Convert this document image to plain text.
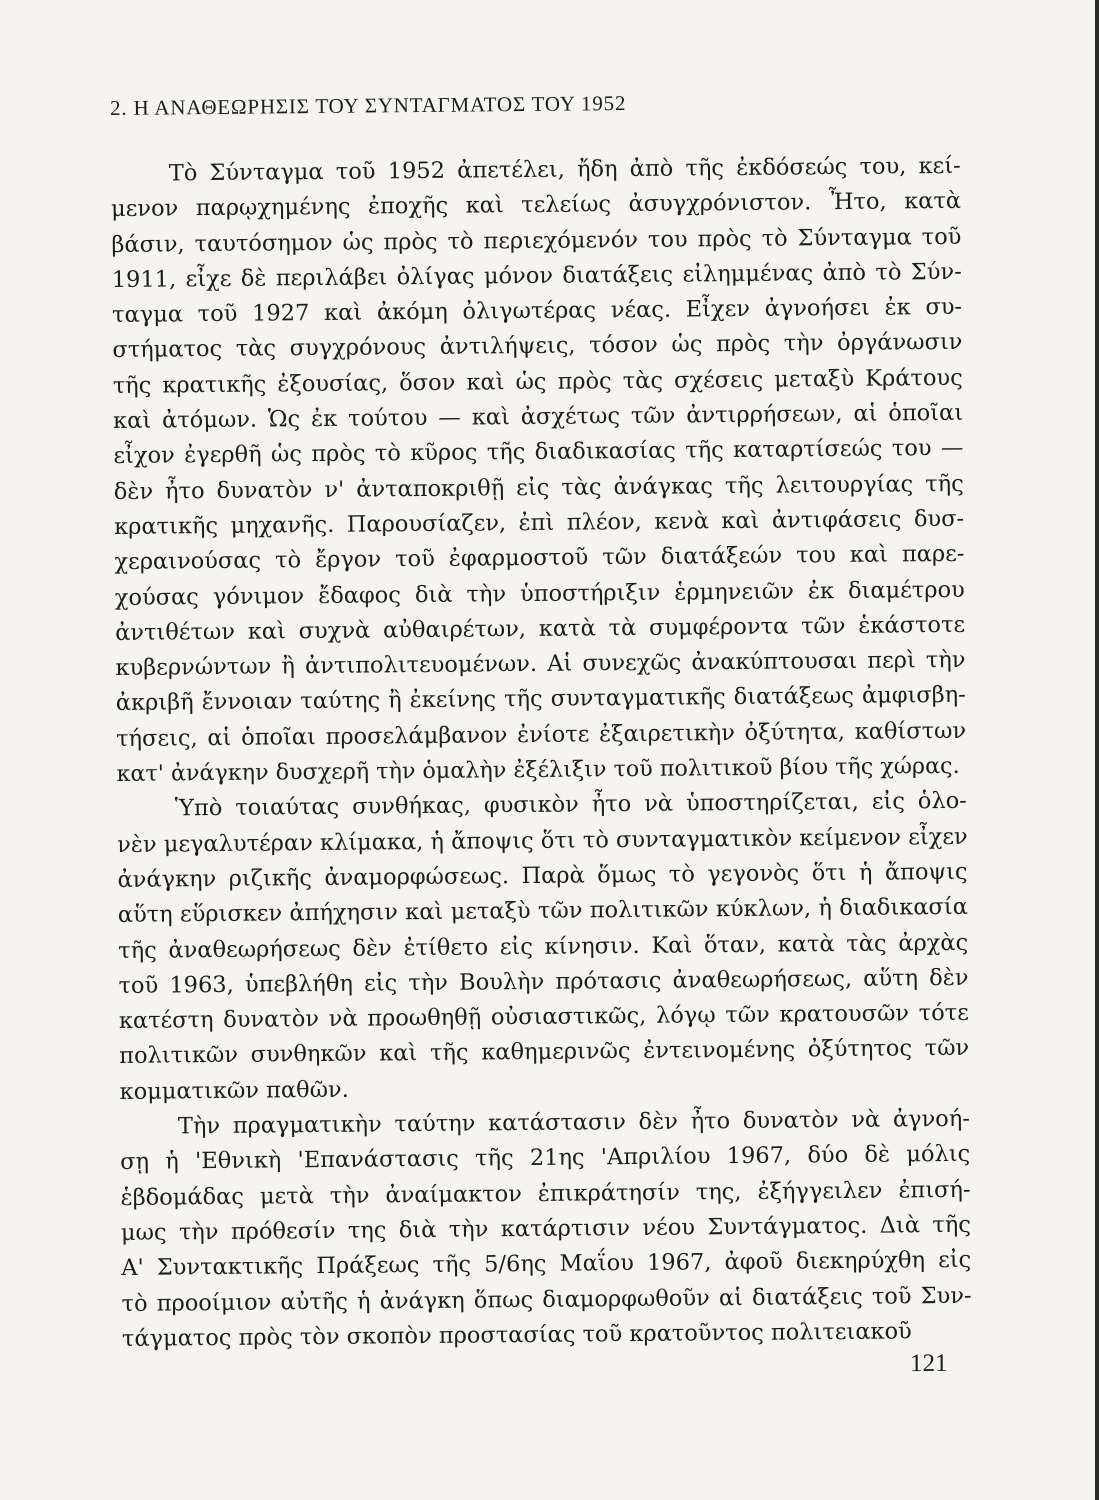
2. Η ΑΝΑΘΕΩΡΗΣΙΣ ΤΟΥ ΣΥΝΤΑΓΜΑΤΟΣ ΤΟΥ 1952
Τὸ Σύνταγμα τοῦ 1952 ἀπετέλει, ἤδη ἀπὸ τῆς ἐκδόσεώς του, κεί-
μενον παρῳχημένης ἐποχῆς καὶ τελείως ἀσυγχρόνιστον. Ἦτο, κατὰ
βάσιν, ταυτόσημον ὡς πρὸς τὸ περιεχόμενόν του πρὸς τὸ Σύνταγμα τοῦ
1911, εἶχε δὲ περιλάβει ὀλίγας μόνον διατάξεις εἰλημμένας ἀπὸ τὸ Σύν-
ταγμα τοῦ 1927 καὶ ἀκόμη ὀλιγωτέρας νέας. Εἶχεν ἀγνοήσει ἐκ συ-
στήματος τὰς συγχρόνους ἀντιλήψεις, τόσον ὡς πρὸς τὴν ὀργάνωσιν
τῆς κρατικῆς ἐξουσίας, ὅσον καὶ ὡς πρὸς τὰς σχέσεις μεταξὺ Κράτους
καὶ ἀτόμων. Ὡς ἐκ τούτου — καὶ ἀσχέτως τῶν ἀντιρρήσεων, αἱ ὁποῖαι
εἶχον ἐγερθῆ ὡς πρὸς τὸ κῦρος τῆς διαδικασίας τῆς καταρτίσεώς του —
δὲν ἦτο δυνατὸν ν' ἀνταποκριθῇ εἰς τὰς ἀνάγκας τῆς λειτουργίας τῆς
κρατικῆς μηχανῆς. Παρουσίαζεν, ἐπὶ πλέον, κενὰ καὶ ἀντιφάσεις δυσ-
χεραινούσας τὸ ἔργον τοῦ ἐφαρμοστοῦ τῶν διατάξεών του καὶ παρε-
χούσας γόνιμον ἔδαφος διὰ τὴν ὑποστήριξιν ἑρμηνειῶν ἐκ διαμέτρου
ἀντιθέτων καὶ συχνὰ αὐθαιρέτων, κατὰ τὰ συμφέροντα τῶν ἑκάστοτε
κυβερνώντων ἢ ἀντιπολιτευομένων. Αἱ συνεχῶς ἀνακύπτουσαι περὶ τὴν
ἀκριβῆ ἔννοιαν ταύτης ἢ ἐκείνης τῆς συνταγματικῆς διατάξεως ἀμφισβη-
τήσεις, αἱ ὁποῖαι προσελάμβανον ἐνίοτε ἐξαιρετικὴν ὀξύτητα, καθίστων
κατ' ἀνάγκην δυσχερῆ τὴν ὁμαλὴν ἐξέλιξιν τοῦ πολιτικοῦ βίου τῆς χώρας.
Ὑπὸ τοιαύτας συνθήκας, φυσικὸν ἦτο νὰ ὑποστηρίζεται, εἰς ὁλο-
νὲν μεγαλυτέραν κλίμακα, ἡ ἄποψις ὅτι τὸ συνταγματικὸν κείμενον εἶχεν
ἀνάγκην ριζικῆς ἀναμορφώσεως. Παρὰ ὅμως τὸ γεγονὸς ὅτι ἡ ἄποψις
αὕτη εὕρισκεν ἀπήχησιν καὶ μεταξὺ τῶν πολιτικῶν κύκλων, ἡ διαδικασία
τῆς ἀναθεωρήσεως δὲν ἐτίθετο εἰς κίνησιν. Καὶ ὅταν, κατὰ τὰς ἀρχὰς
τοῦ 1963, ὑπεβλήθη εἰς τὴν Βουλὴν πρότασις ἀναθεωρήσεως, αὕτη δὲν
κατέστη δυνατὸν νὰ προωθηθῇ οὐσιαστικῶς, λόγῳ τῶν κρατουσῶν τότε
πολιτικῶν συνθηκῶν καὶ τῆς καθημερινῶς ἐντεινομένης ὀξύτητος τῶν
κομματικῶν παθῶν.
Τὴν πραγματικὴν ταύτην κατάστασιν δὲν ἦτο δυνατὸν νὰ ἀγνοή-
σῃ ἡ 'Εθνικὴ 'Επανάστασις τῆς 21ης 'Απριλίου 1967, δύο δὲ μόλις
ἑβδομάδας μετὰ τὴν ἀναίμακτον ἐπικράτησίν της, ἐξήγγειλεν ἐπισή-
μως τὴν πρόθεσίν της διὰ τὴν κατάρτισιν νέου Συντάγματος. Διὰ τῆς
Α' Συντακτικῆς Πράξεως τῆς 5/6ης Μαΐου 1967, ἀφοῦ διεκηρύχθη εἰς
τὸ προοίμιον αὐτῆς ἡ ἀνάγκη ὅπως διαμορφωθοῦν αἱ διατάξεις τοῦ Συν-
τάγματος πρὸς τὸν σκοπὸν προστασίας τοῦ κρατοῦντος πολιτειακοῦ
121
